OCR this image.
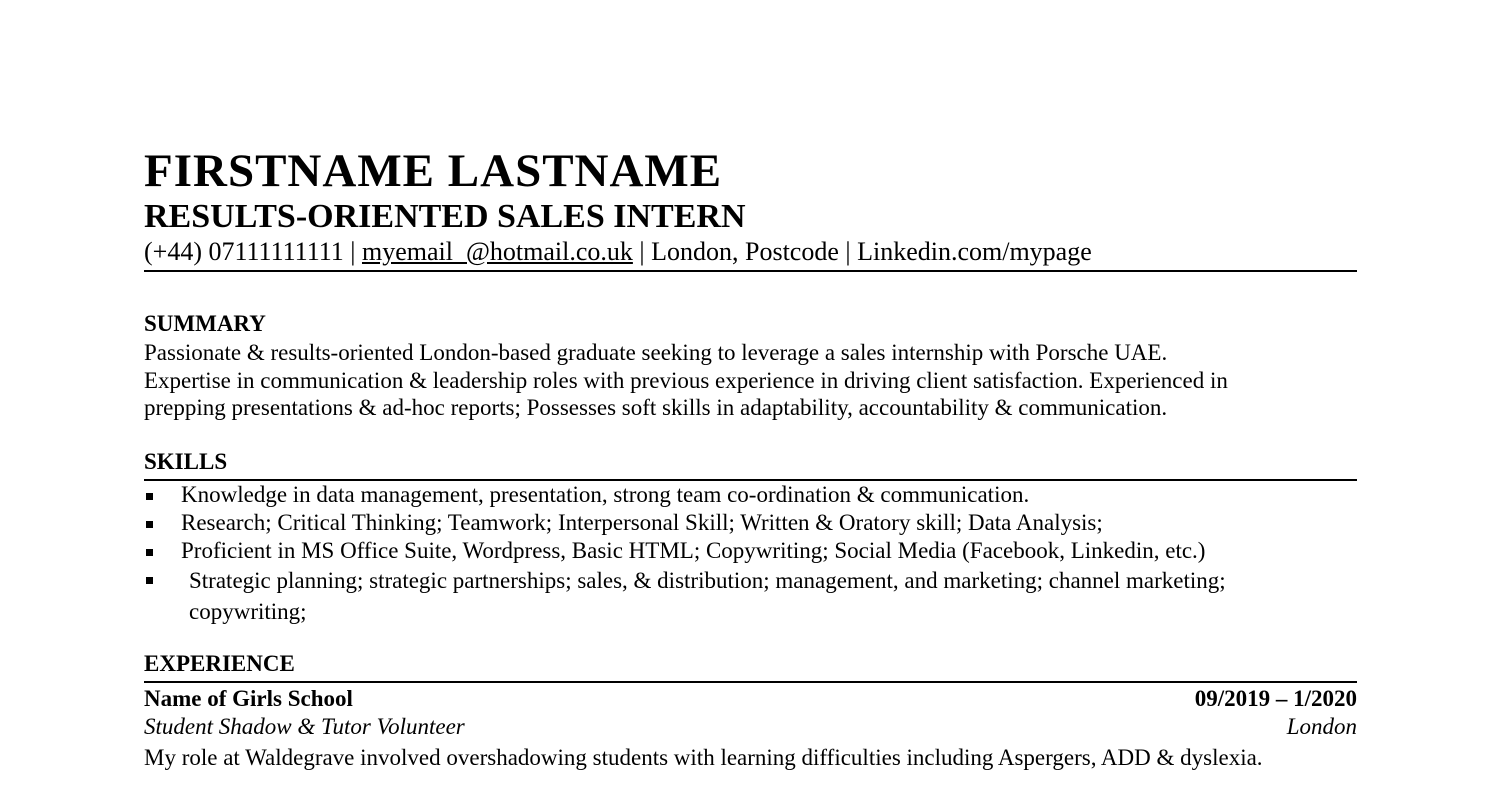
FIRSTNAME LASTNAME
RESULTS-ORIENTED SALES INTERN
(+44) 07111111111 | myemail_@hotmail.co.uk | London, Postcode | Linkedin.com/mypage
SUMMARY
Passionate & results-oriented London-based graduate seeking to leverage a sales internship with Porsche UAE.
Expertise in communication & leadership roles with previous experience in driving client satisfaction. Experienced in
prepping presentations & ad-hoc reports; Possesses soft skills in adaptability, accountability & communication.
SKILLS
Knowledge in data management, presentation, strong team co-ordination & communication.
Research; Critical Thinking; Teamwork; Interpersonal Skill; Written & Oratory skill; Data Analysis;
Proficient in MS Office Suite, Wordpress, Basic HTML; Copywriting; Social Media (Facebook, Linkedin, etc.)
Strategic planning; strategic partnerships; sales, & distribution; management, and marketing; channel marketing; copywriting;
EXPERIENCE
Name of Girls School	09/2019 – 1/2020
Student Shadow & Tutor Volunteer	London
My role at Waldegrave involved overshadowing students with learning difficulties including Aspergers, ADD & dyslexia.
